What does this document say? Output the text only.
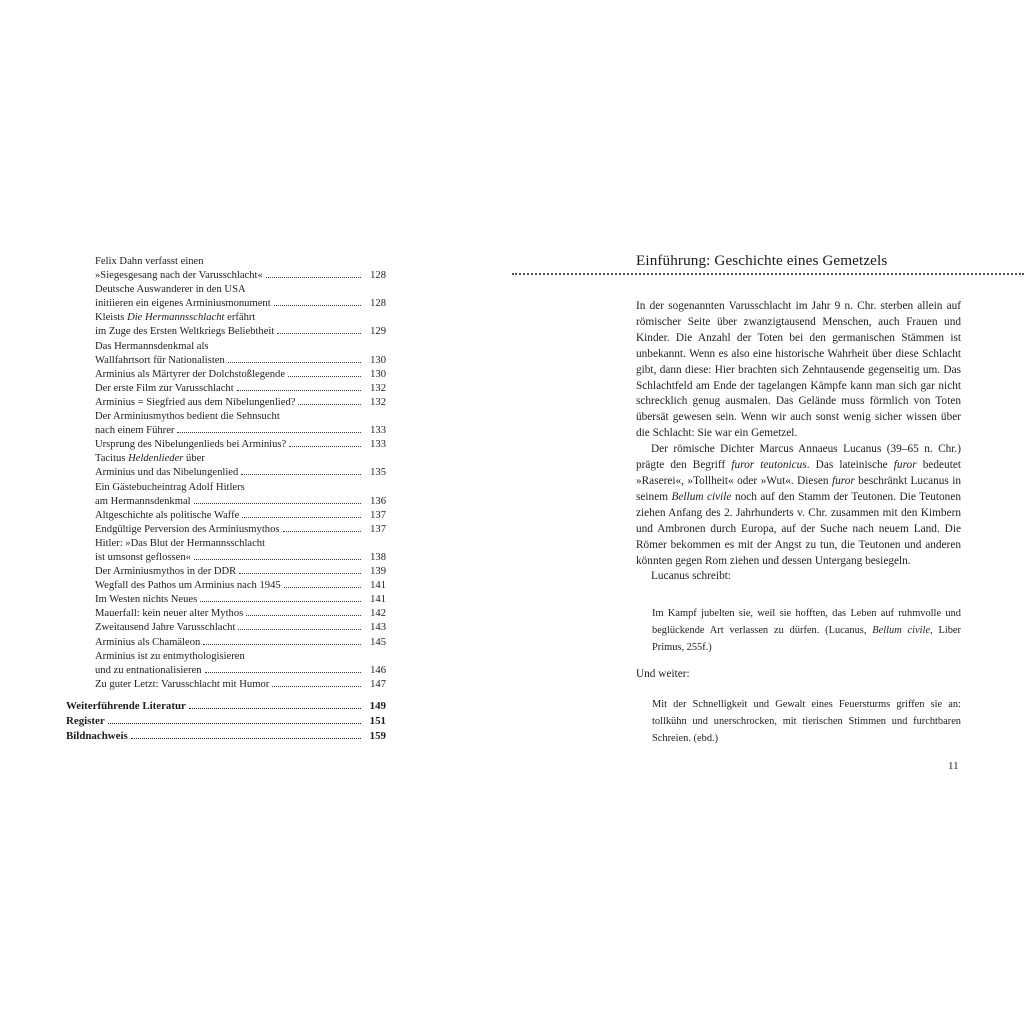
Felix Dahn verfasst einen
»Siegesgesang nach der Varusschlacht«	128
Deutsche Auswanderer in den USA
initiieren ein eigenes Arminiusmonument	128
Kleists Die Hermannsschlacht erfährt
im Zuge des Ersten Weltkriegs Beliebtheit	129
Das Hermannsdenkmal als
Wallfahrtsort für Nationalisten	130
Arminius als Märtyrer der Dolchstoßlegende	130
Der erste Film zur Varusschlacht	132
Arminius = Siegfried aus dem Nibelungenlied?	132
Der Arminiusmythos bedient die Sehnsucht
nach einem Führer	133
Ursprung des Nibelungenlieds bei Arminius?	133
Tacitus Heldenlieder über
Arminius und das Nibelungenlied	135
Ein Gästebucheintrag Adolf Hitlers
am Hermannsdenkmal	136
Altgeschichte als politische Waffe	137
Endgültige Perversion des Arminiusmythos	137
Hitler: »Das Blut der Hermannsschlacht
ist umsonst geflossen«	138
Der Arminiusmythos in der DDR	139
Wegfall des Pathos um Arminius nach 1945	141
Im Westen nichts Neues	141
Mauerfall: kein neuer alter Mythos	142
Zweitausend Jahre Varusschlacht	143
Arminius als Chamäleon	145
Arminius ist zu entmythologisieren
und zu entnationalisieren	146
Zu guter Letzt: Varusschlacht mit Humor	147
Weiterführende Literatur	149
Register	151
Bildnachweis	159
Einführung: Geschichte eines Gemetzels

In der sogenannten Varusschlacht im Jahr 9 n. Chr. sterben allein auf römischer Seite über zwanzigtausend Menschen, auch Frauen und Kinder. Die Anzahl der Toten bei den germanischen Stämmen ist unbekannt. Wenn es also eine historische Wahrheit über diese Schlacht gibt, dann diese: Hier brachten sich Zehntausende gegenseitig um. Das Schlachtfeld am Ende der tagelangen Kämpfe kann man sich gar nicht schrecklich genug ausmalen. Das Gelände muss förmlich von Toten übersät gewesen sein. Wenn wir auch sonst wenig sicher wissen über die Schlacht: Sie war ein Gemetzel.

Der römische Dichter Marcus Annaeus Lucanus (39–65 n. Chr.) prägte den Begriff furor teutonicus. Das lateinische furor bedeutet »Raserei«, »Tollheit« oder »Wut«. Diesen furor beschränkt Lucanus in seinem Bellum civile noch auf den Stamm der Teutonen. Die Teutonen ziehen Anfang des 2. Jahrhunderts v. Chr. zusammen mit den Kimbern und Ambronen durch Europa, auf der Suche nach neuem Land. Die Römer bekommen es mit der Angst zu tun, die Teutonen und anderen könnten gegen Rom ziehen und dessen Untergang besiegeln.

Lucanus schreibt:

Im Kampf jubelten sie, weil sie hofften, das Leben auf ruhmvolle und beglückende Art verlassen zu dürfen. (Lucanus, Bellum civile, Liber Primus, 255f.)
Und weiter:
Mit der Schnelligkeit und Gewalt eines Feuersturms griffen sie an: tollkühn und unerschrocken, mit tierischen Stimmen und furchtbaren Schreien. (ebd.)
11
